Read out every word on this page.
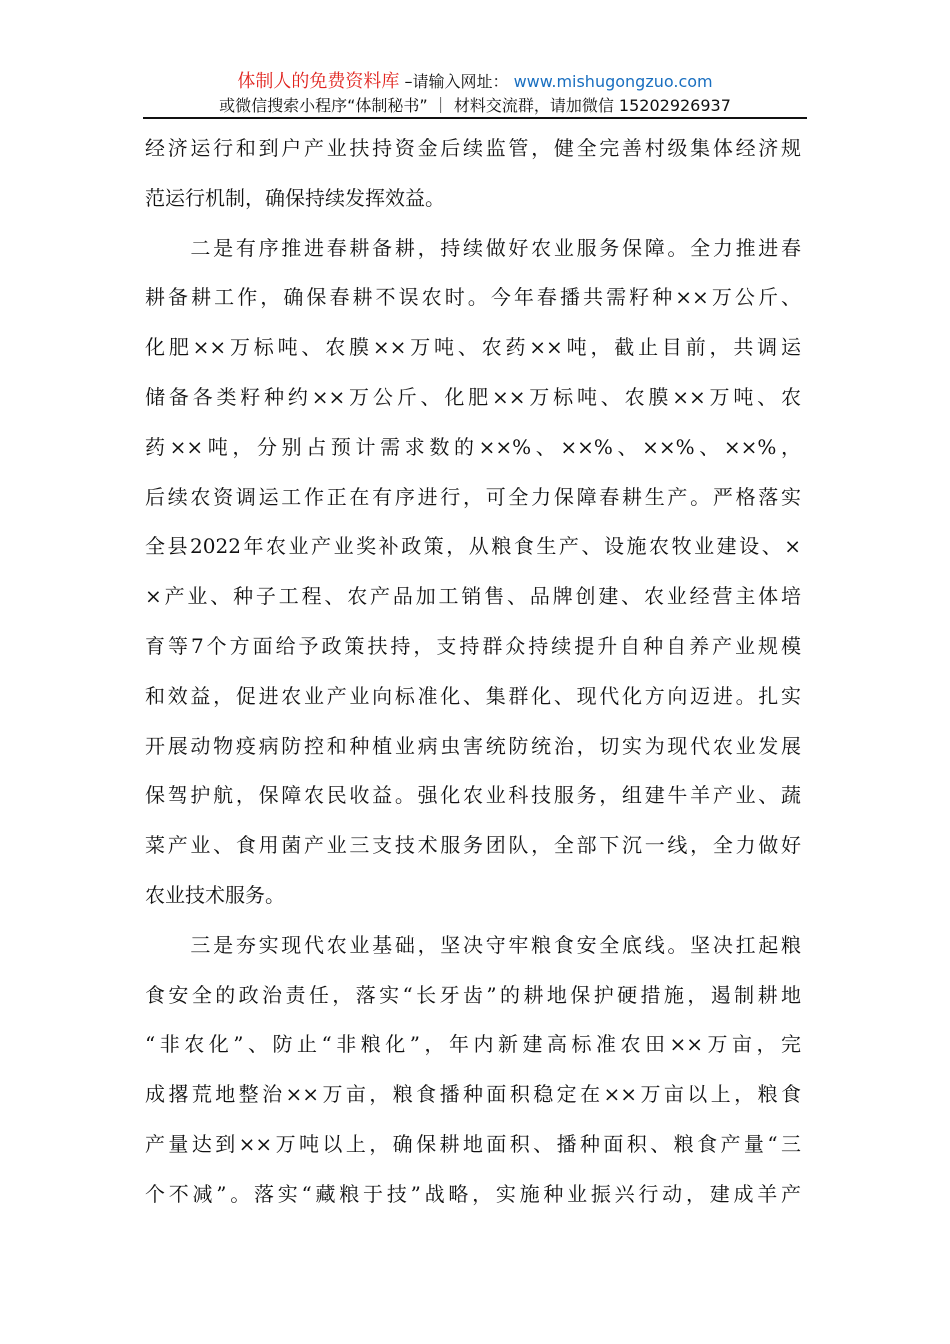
体制人的免费资料库 –请输入网址： www.mishugongzuo.com
或微信搜索小程序“体制秘书” ｜ 材料交流群，请加微信 15202926937
经济运行和到户产业扶持资金后续监管，健全完善村级集体经济规
范运行机制，确保持续发挥效益。
　　二是有序推进春耕备耕，持续做好农业服务保障。全力推进春
耕备耕工作，确保春耕不误农时。今年春播共需籽种××万公斤、
化肥××万标吨、农膜××万吨、农药××吨，截止目前，共调运
储备各类籽种约××万公斤、化肥××万标吨、农膜××万吨、农
药××吨，分别占预计需求数的××%、××%、××%、××%，
后续农资调运工作正在有序进行，可全力保障春耕生产。严格落实
全县2022年农业产业奖补政策，从粮食生产、设施农牧业建设、×
×产业、种子工程、农产品加工销售、品牌创建、农业经营主体培
育等7个方面给予政策扶持，支持群众持续提升自种自养产业规模
和效益，促进农业产业向标准化、集群化、现代化方向迈进。扎实
开展动物疫病防控和种植业病虫害统防统治，切实为现代农业发展
保驾护航，保障农民收益。强化农业科技服务，组建牛羊产业、蔬
菜产业、食用菌产业三支技术服务团队，全部下沉一线，全力做好
农业技术服务。
　　三是夯实现代农业基础，坚决守牢粮食安全底线。坚决扛起粮
食安全的政治责任，落实“长牙齿”的耕地保护硬措施，遏制耕地
“非农化”、防止“非粮化”，年内新建高标准农田××万亩，完
成撂荒地整治××万亩，粮食播种面积稳定在××万亩以上，粮食
产量达到××万吨以上，确保耕地面积、播种面积、粮食产量“三
个不减”。落实“藏粮于技”战略，实施种业振兴行动，建成羊产
